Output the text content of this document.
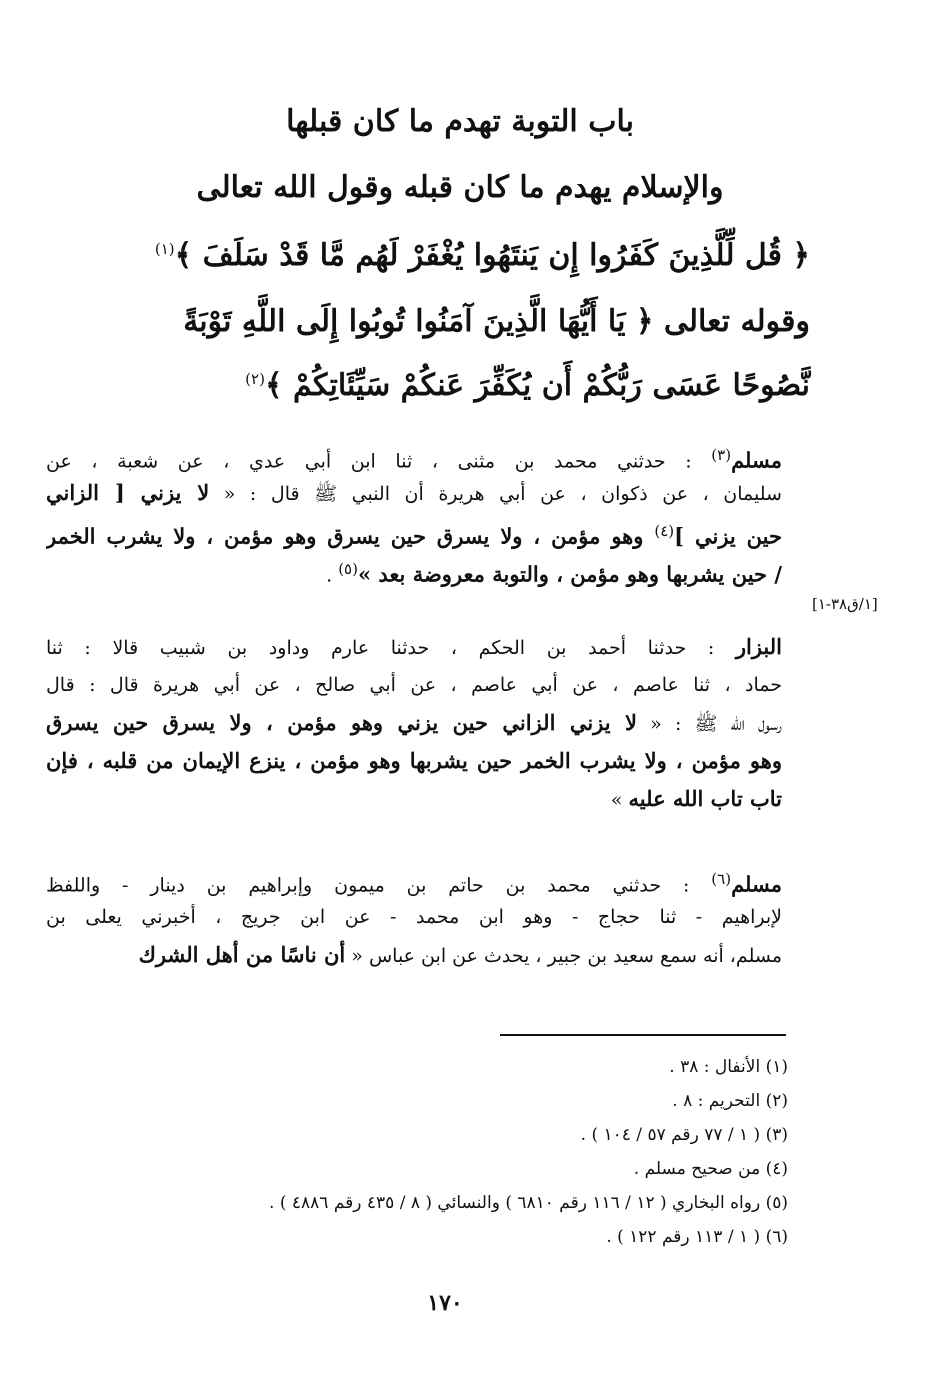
باب التوبة تهدم ما كان قبلها
والإسلام يهدم ما كان قبله وقول الله تعالى
﴿ قُل لِّلَّذِينَ كَفَرُوا إِن يَنتَهُوا يُغْفَرْ لَهُم مَّا قَدْ سَلَفَ ﴾$^{(١)}$
وقوله تعالى ﴿ يَا أَيُّهَا الَّذِينَ آمَنُوا تُوبُوا إِلَى اللَّهِ تَوْبَةً
نَّصُوحًا عَسَى رَبُّكُمْ أَن يُكَفِّرَ عَنكُمْ سَيِّئَاتِكُمْ ﴾$^{(٢)}$
مسلم$^{(٣)}$ : حدثني محمد بن مثنى ، ثنا ابن أبي عدي ، عن شعبة ، عن
سليمان ، عن ذكوان ، عن أبي هريرة أن النبي ﷺ قال : « لا يزني [ الزاني
حين يزني ]$^{(٤)}$ وهو مؤمن ، ولا يسرق حين يسرق وهو مؤمن ، ولا يشرب الخمر
/ حين يشربها وهو مؤمن ، والتوبة معروضة بعد »$^{(٥)}$ .
[١/ق٣٨-١]
البزار : حدثنا أحمد بن الحكم ، حدثنا عارم وداود بن شبيب قالا : ثنا
حماد ، ثنا عاصم ، عن أبي عاصم ، عن أبي صالح ، عن أبي هريرة قال : قال
رسول الله ﷺ : « لا يزني الزاني حين يزني وهو مؤمن ، ولا يسرق حين يسرق
وهو مؤمن ، ولا يشرب الخمر حين يشربها وهو مؤمن ، ينزع الإيمان من قلبه ، فإن
تاب تاب الله عليه »
مسلم$^{(٦)}$ : حدثني محمد بن حاتم بن ميمون وإبراهيم بن دينار - واللفظ
لإبراهيم - ثنا حجاج - وهو ابن محمد - عن ابن جريج ، أخبرني يعلى بن
مسلم، أنه سمع سعيد بن جبير ، يحدث عن ابن عباس « أن ناسًا من أهل الشرك
(١) الأنفال : ٣٨ .
(٢) التحريم : ٨ .
(٣) ( ١ / ٧٧ رقم ٥٧ / ١٠٤ ) .
(٤) من صحيح مسلم .
(٥) رواه البخاري ( ١٢ / ١١٦ رقم ٦٨١٠ ) والنسائي ( ٨ / ٤٣٥ رقم ٤٨٨٦ ) .
(٦) ( ١ / ١١٣ رقم ١٢٢ ) .
١٧٠
